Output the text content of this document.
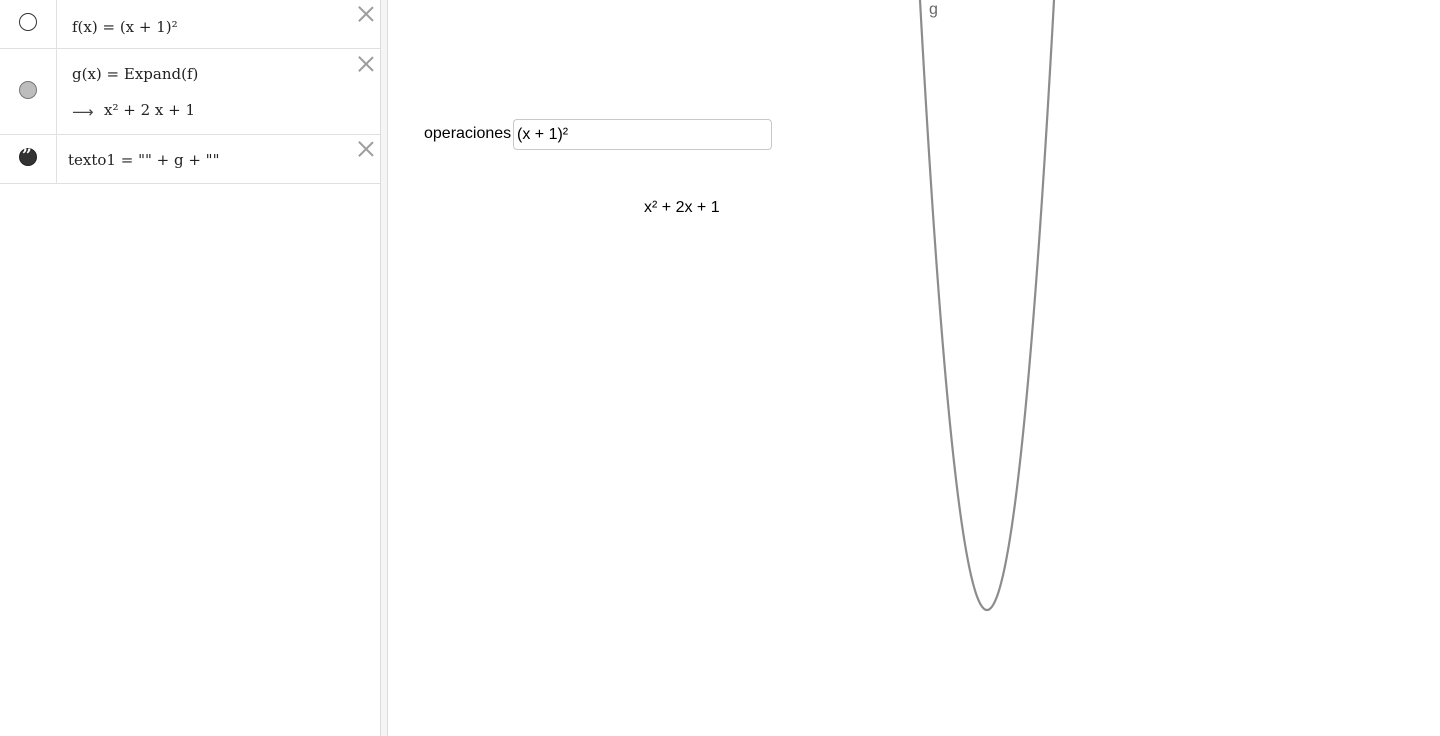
f(x) = (x + 1)²
g(x) = Expand(f)
⟶ x² + 2 x + 1
”
texto1 = "" + g + ""
g
operaciones (x + 1)²
x² + 2x + 1
